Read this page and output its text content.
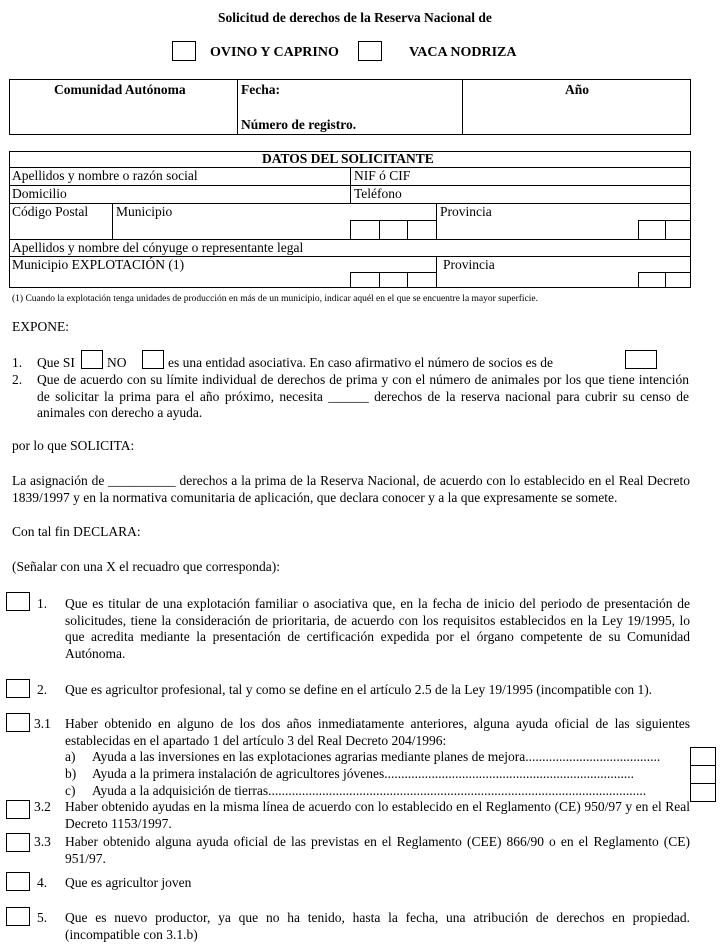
Solicitud de derechos de la Reserva Nacional de
OVINO Y CAPRINO	VACA NODRIZA
Comunidad Autónoma	Fecha:
Número de registro.
Año
DATOS DEL SOLICITANTE
Apellidos y nombre o razón social	NIF ó CIF
Domicilio	Teléfono
Código Postal Municipio	Provincia
Apellidos y nombre del cónyuge o representante legal
Municipio EXPLOTACIÓN (1)	Provincia
(1) Cuando la explotación tenga unidades de producción en más de un municipio, indicar aquél en el que se encuentre la mayor superficie.
EXPONE:
1. Que SI NO	es una entidad asociativa. En caso afirmativo el número de socios es de
2. Que de acuerdo con su límite individual de derechos de prima y con el número de animales por los que tiene intención de solicitar la prima para el año próximo, necesita ______ derechos de la reserva nacional para cubrir su censo de animales con derecho a ayuda.
por lo que SOLICITA:
La asignación de __________ derechos a la prima de la Reserva Nacional, de acuerdo con lo establecido en el Real Decreto 1839/1997 y en la normativa comunitaria de aplicación, que declara conocer y a la que expresamente se somete.
Con tal fin DECLARA:
(Señalar con una X el recuadro que corresponda):
1. Que es titular de una explotación familiar o asociativa que, en la fecha de inicio del periodo de presentación de solicitudes, tiene la consideración de prioritaria, de acuerdo con los requisitos establecidos en la Ley 19/1995, lo que acredita mediante la presentación de certificación expedida por el órgano competente de su Comunidad Autónoma.
2. Que es agricultor profesional, tal y como se define en el artículo 2.5 de la Ley 19/1995 (incompatible con 1).
3.1 Haber obtenido en alguno de los dos años inmediatamente anteriores, alguna ayuda oficial de las siguientes establecidas en el apartado 1 del artículo 3 del Real Decreto 204/1996:
a) Ayuda a las inversiones en las explotaciones agrarias mediante planes de mejora........................................
b) Ayuda a la primera instalación de agricultores jóvenes..........................................................................
c) Ayuda a la adquisición de tierras................................................................................................................
3.2 Haber obtenido ayudas en la misma línea de acuerdo con lo establecido en el Reglamento (CE) 950/97 y en el Real Decreto 1153/1997.
3.3 Haber obtenido alguna ayuda oficial de las previstas en el Reglamento (CEE) 866/90 o en el Reglamento (CE) 951/97.
4. Que es agricultor joven
5. Que es nuevo productor, ya que no ha tenido, hasta la fecha, una atribución de derechos en propiedad. (incompatible con 3.1.b)
